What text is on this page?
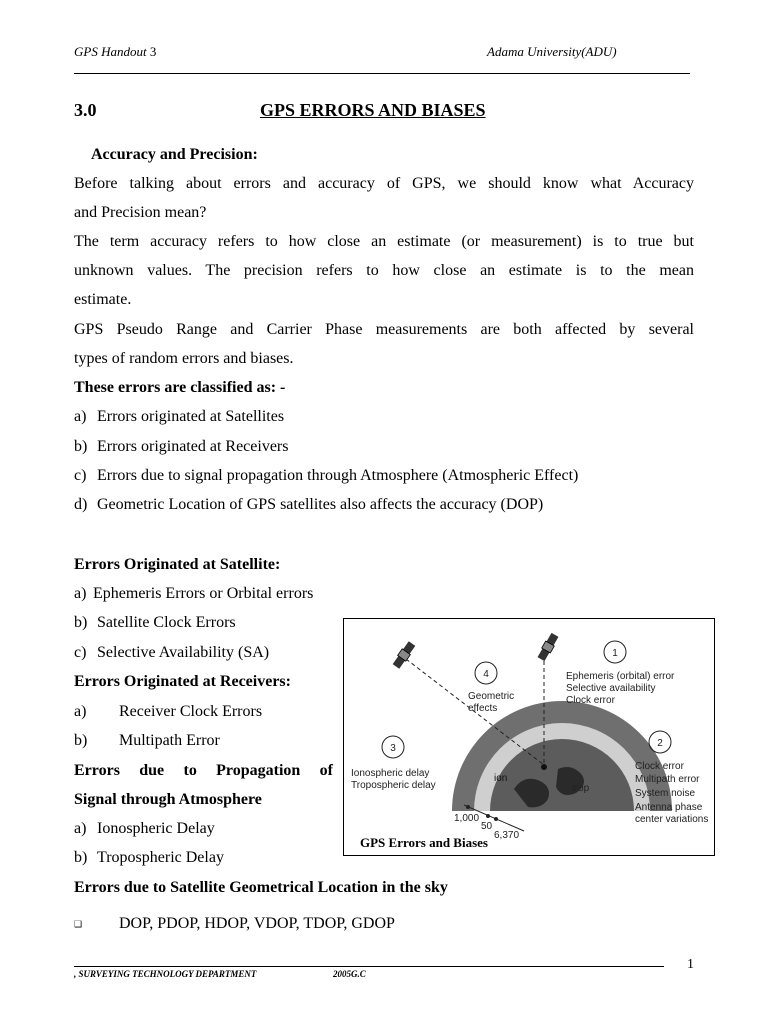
GPS Handout 3	Adama University(ADU)
3.0	GPS ERRORS AND BIASES
Accuracy and Precision:
Before talking about errors and accuracy of GPS, we should know what Accuracy
and Precision mean?
The term accuracy refers to how close an estimate (or measurement) is to true but
unknown values. The precision refers to how close an estimate is to the mean
estimate.
GPS Pseudo Range and Carrier Phase measurements are both affected by several
types of random errors and biases.
These errors are classified as: -
a) Errors originated at Satellites
b) Errors originated at Receivers
c) Errors due to signal propagation through Atmosphere (Atmospheric Effect)
d) Geometric Location of GPS satellites also affects the accuracy (DOP)
Errors Originated at Satellite:
a) Ephemeris Errors or Orbital errors
b) Satellite Clock Errors
c) Selective Availability (SA)
Errors Originated at Receivers:
a) Receiver Clock Errors
b) Multipath Error
Errors due to Propagation of
Signal through Atmosphere
a) Ionospheric Delay
b) Tropospheric Delay
Errors due to Satellite Geometrical Location in the sky
❑ DOP, PDOP, HDOP, VDOP, TDOP, GDOP
1
2
3
4	Ephemeris (orbital) error
Selective availability
Clock error
Clock error
Multipath error
System noise
Antenna phase
center variations
Ionospheric delay
Tropospheric delay
Geometric
effects
ion
trop
1,000
50
6,370
GPS Errors and Biases
1
, SURVEYING TECHNOLOGY DEPARTMENT	2005G.C
